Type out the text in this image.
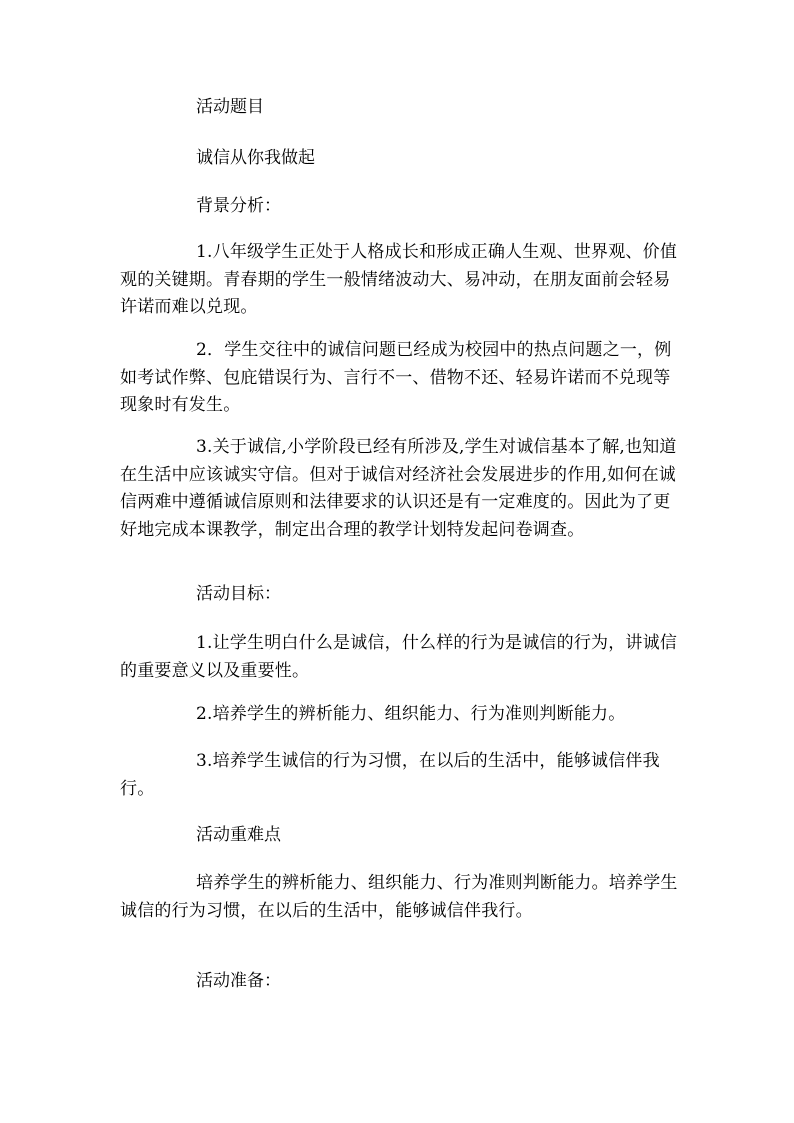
活动题目

诚信从你我做起

背景分析：

1.八年级学生正处于人格成长和形成正确人生观、世界观、价值观的关键期。青春期的学生一般情绪波动大、易冲动，在朋友面前会轻易许诺而难以兑现。

2．学生交往中的诚信问题已经成为校园中的热点问题之一，例如考试作弊、包庇错误行为、言行不一、借物不还、轻易许诺而不兑现等现象时有发生。

3.关于诚信,小学阶段已经有所涉及,学生对诚信基本了解,也知道在生活中应该诚实守信。但对于诚信对经济社会发展进步的作用,如何在诚信两难中遵循诚信原则和法律要求的认识还是有一定难度的。因此为了更好地完成本课教学，制定出合理的教学计划特发起问卷调查。

活动目标：

1.让学生明白什么是诚信，什么样的行为是诚信的行为，讲诚信的重要意义以及重要性。

2.培养学生的辨析能力、组织能力、行为准则判断能力。

3.培养学生诚信的行为习惯，在以后的生活中，能够诚信伴我行。

活动重难点

培养学生的辨析能力、组织能力、行为准则判断能力。培养学生诚信的行为习惯，在以后的生活中，能够诚信伴我行。

活动准备：
